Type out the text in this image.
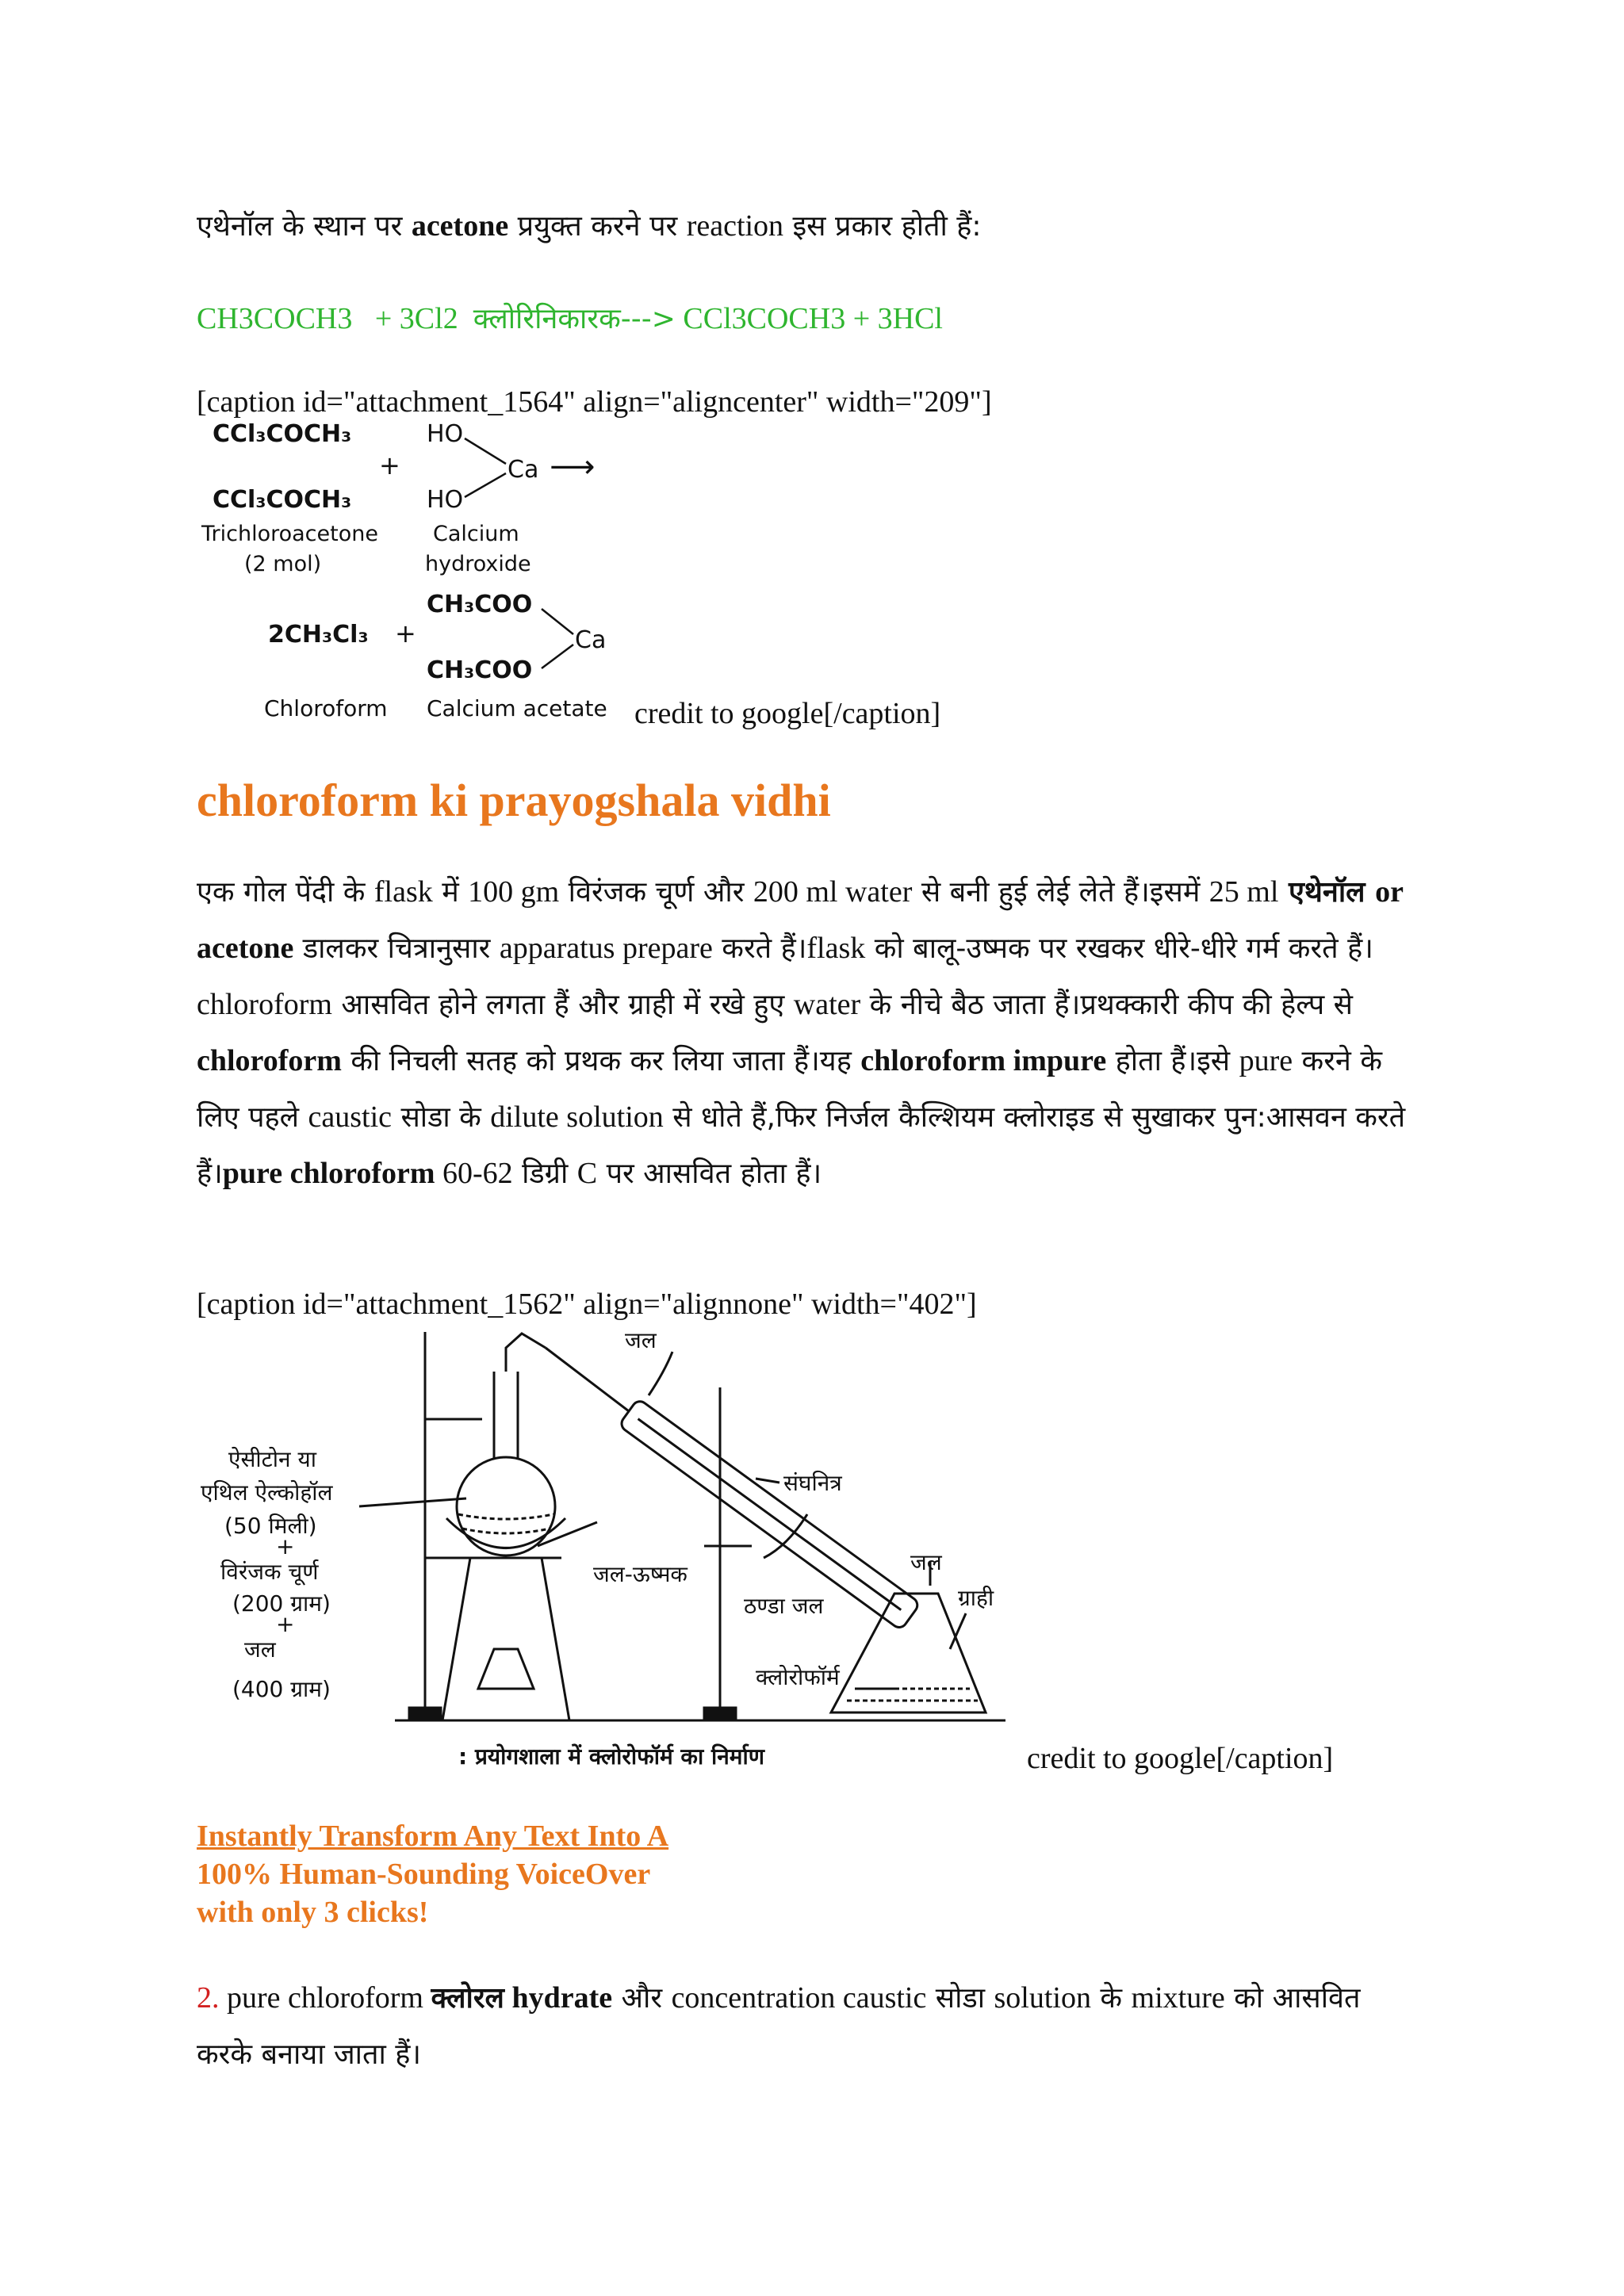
एथेनॉल के स्थान पर acetone प्रयुक्त करने पर reaction इस प्रकार होती हैं:
CH3COCH3   + 3Cl2  क्लोरिनिकारक---> CCl3COCH3 + 3HCl
[caption id="attachment_1564" align="aligncenter" width="209"]
CCl₃COCH₃
+
CCl₃COCH₃
Trichloroacetone
(2 mol)
HO
HO
Ca ⟶
Calcium
hydroxide
2CH₃Cl₃ +
CH₃COO
CH₃COO
Ca
Chloroform Calcium acetate credit to google[/caption]
chloroform ki prayogshala vidhi
एक गोल पेंदी के flask में 100 gm विरंजक चूर्ण और 200 ml water से बनी हुई लेई लेते हैं।इसमें 25 ml एथेनॉल or acetone डालकर चित्रानुसार apparatus prepare करते हैं।flask को बालू-उष्मक पर रखकर धीरे-धीरे गर्म करते हैं।chloroform आसवित होने लगता हैं और ग्राही में रखे हुए water के नीचे बैठ जाता हैं।प्रथक्कारी कीप की हेल्प से chloroform की निचली सतह को प्रथक कर लिया जाता हैं।यह chloroform impure होता हैं।इसे pure करने के लिए पहले caustic सोडा के dilute solution से धोते हैं,फिर निर्जल कैल्शियम क्लोराइड से सुखाकर पुन:आसवन करते हैं।pure chloroform 60-62 डिग्री C पर आसवित होता हैं।
[caption id="attachment_1562" align="alignnone" width="402"]
ऐसीटोन या
एथिल ऐल्कोहॉल
(50 मिली)
+
विरंजक चूर्ण
(200 ग्राम)
+
जल
(400 ग्राम)
जल
संघनित्र
जल-ऊष्मक
ठण्डा जल
जल
ग्राही
क्लोरोफॉर्म
: प्रयोगशाला में क्लोरोफॉर्म का निर्माण	credit to google[/caption]
Instantly Transform Any Text Into A
100% Human-Sounding VoiceOver
with only 3 clicks!
2. pure chloroform क्लोरल hydrate और concentration caustic सोडा solution के mixture को आसवित करके बनाया जाता हैं।
